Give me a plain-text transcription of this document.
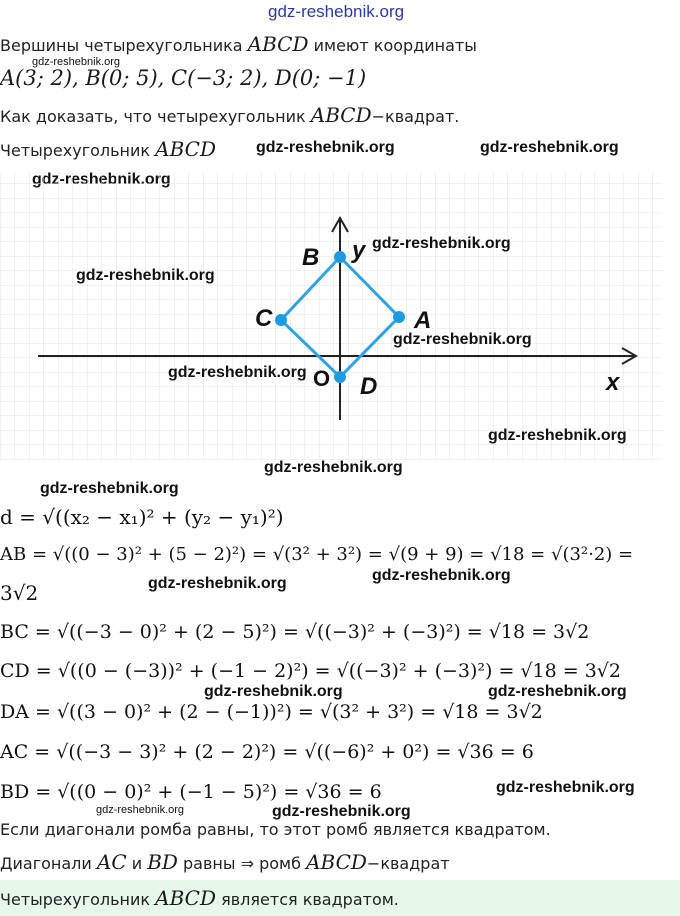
gdz-reshebnik.org
Вершины четырехугольника ABCD имеют координаты
gdz-reshebnik.org
A(3; 2), B(0; 5), C(−3; 2), D(0; −1)
Как доказать, что четырехугольник ABCD−квадрат.
Четырехугольник ABCD gdz-reshebnik.org	gdz-reshebnik.org
B y
C	A
O D	x
gdz-reshebnik.org
gdz-reshebnik.org
gdz-reshebnik.org
gdz-reshebnik.org
gdz-reshebnik.org
gdz-reshebnik.org
gdz-reshebnik.org
d = √((x₂ − x₁)² + (y₂ − y₁)²)
AB = √((0 − 3)² + (5 − 2)²) = √(3² + 3²) = √(9 + 9) = √18 = √(3²·2) =
3√2	gdz-reshebnik.org	gdz-reshebnik.org
BC = √((−3 − 0)² + (2 − 5)²) = √((−3)² + (−3)²) = √18 = 3√2
CD = √((0 − (−3))² + (−1 − 2)²) = √((−3)² + (−3)²) = √18 = 3√2
gdz-reshebnik.org	gdz-reshebnik.org
DA = √((3 − 0)² + (2 − (−1))²) = √(3² + 3²) = √18 = 3√2
AC = √((−3 − 3)² + (2 − 2)²) = √((−6)² + 0²) = √36 = 6
BD = √((0 − 0)² + (−1 − 5)²) = √36 = 6	gdz-reshebnik.org
gdz-reshebnik.org	gdz-reshebnik.org
Если диагонали ромба равны, то этот ромб является квадратом.
Диагонали AC и BD равны ⇒ ромб ABCD−квадрат
Четырехугольник ABCD является квадратом.
